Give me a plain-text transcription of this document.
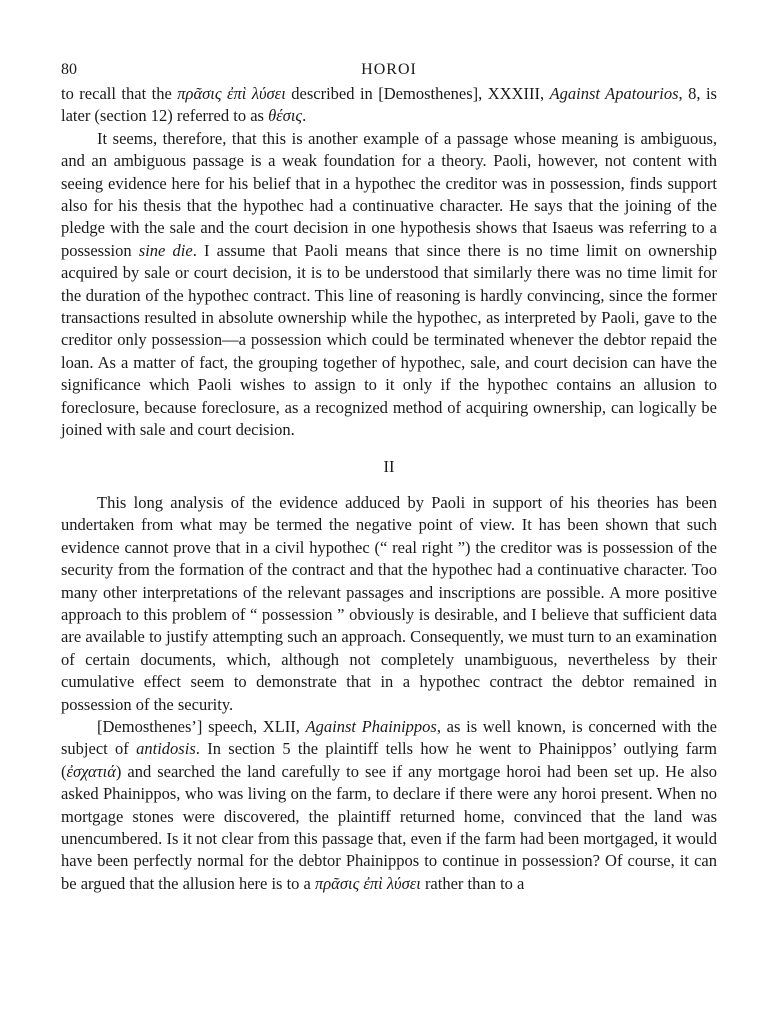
80	HOROI

to recall that the πρᾶσις ἐπὶ λύσει described in [Demosthenes], XXXIII, Against Apatourios, 8, is later (section 12) referred to as θέσις.

It seems, therefore, that this is another example of a passage whose meaning is ambiguous, and an ambiguous passage is a weak foundation for a theory. Paoli, however, not content with seeing evidence here for his belief that in a hypothec the creditor was in possession, finds support also for his thesis that the hypothec had a continuative character. He says that the joining of the pledge with the sale and the court decision in one hypothesis shows that Isaeus was referring to a possession sine die. I assume that Paoli means that since there is no time limit on ownership acquired by sale or court decision, it is to be understood that similarly there was no time limit for the duration of the hypothec contract. This line of reasoning is hardly convincing, since the former transactions resulted in absolute ownership while the hypothec, as interpreted by Paoli, gave to the creditor only possession—a possession which could be terminated whenever the debtor repaid the loan. As a matter of fact, the grouping together of hypothec, sale, and court decision can have the significance which Paoli wishes to assign to it only if the hypothec contains an allusion to foreclosure, because foreclosure, as a recognized method of acquiring ownership, can logically be joined with sale and court decision.

II

This long analysis of the evidence adduced by Paoli in support of his theories has been undertaken from what may be termed the negative point of view. It has been shown that such evidence cannot prove that in a civil hypothec (“ real right ”) the creditor was is possession of the security from the formation of the contract and that the hypothec had a continuative character. Too many other interpretations of the relevant passages and inscriptions are possible. A more positive approach to this problem of “ possession ” obviously is desirable, and I believe that sufficient data are available to justify attempting such an approach. Consequently, we must turn to an examination of certain documents, which, although not completely unambiguous, nevertheless by their cumulative effect seem to demonstrate that in a hypothec contract the debtor remained in possession of the security.

[Demosthenes’] speech, XLII, Against Phainippos, as is well known, is concerned with the subject of antidosis. In section 5 the plaintiff tells how he went to Phainippos’ outlying farm (ἐσχατιά) and searched the land carefully to see if any mortgage horoi had been set up. He also asked Phainippos, who was living on the farm, to declare if there were any horoi present. When no mortgage stones were discovered, the plaintiff returned home, convinced that the land was unencumbered. Is it not clear from this passage that, even if the farm had been mortgaged, it would have been perfectly normal for the debtor Phainippos to continue in possession? Of course, it can be argued that the allusion here is to a πρᾶσις ἐπὶ λύσει rather than to a
